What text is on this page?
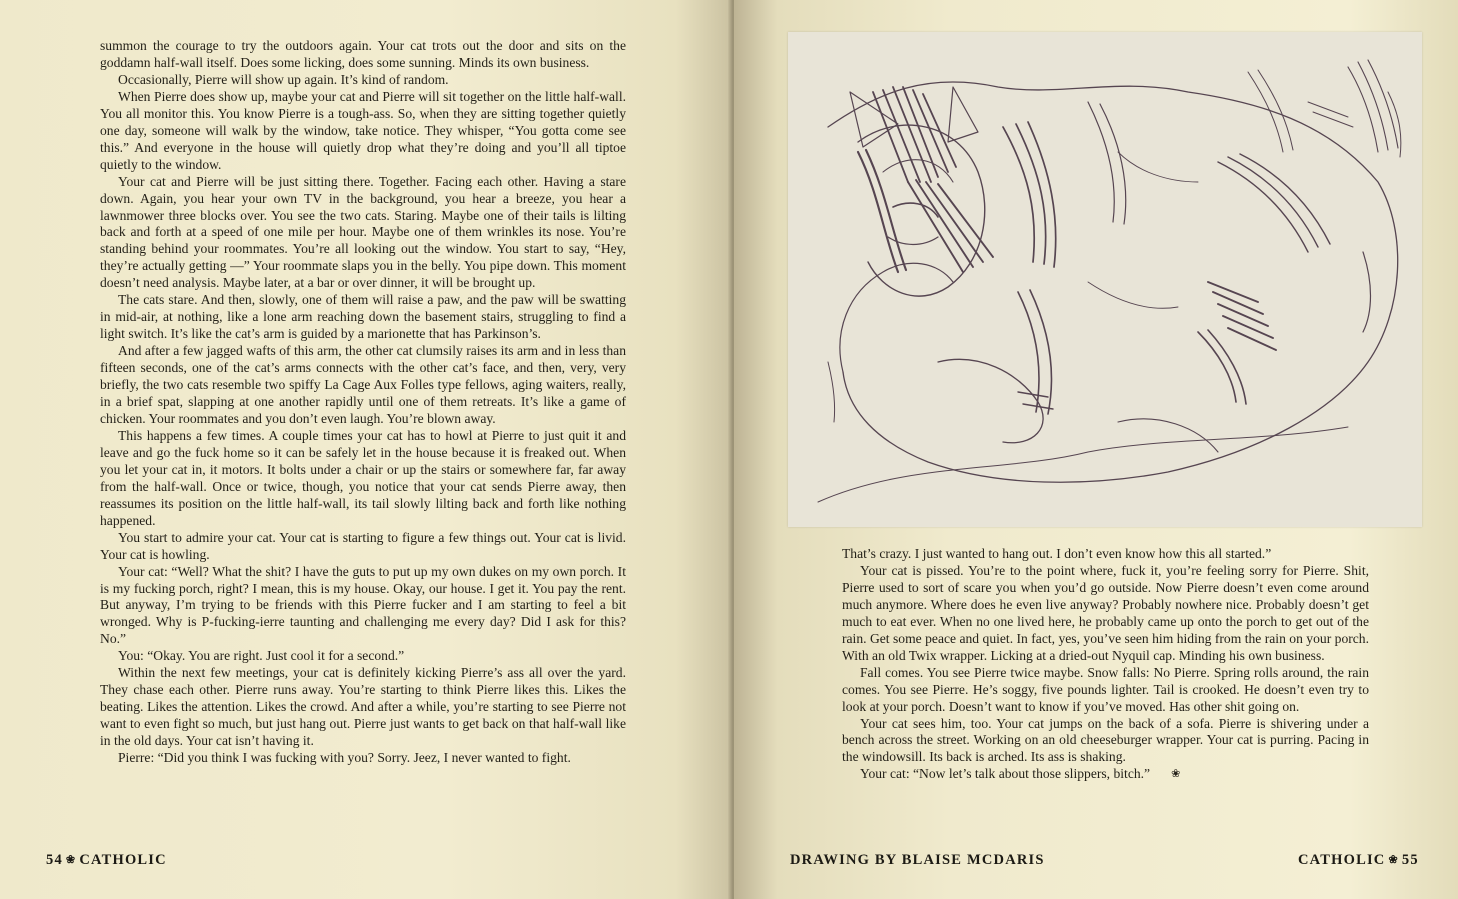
summon the courage to try the outdoors again. Your cat trots out the door and sits on the goddamn half-wall itself. Does some licking, does some sunning. Minds its own business.

Occasionally, Pierre will show up again. It’s kind of random.

When Pierre does show up, maybe your cat and Pierre will sit together on the little half-wall. You all monitor this. You know Pierre is a tough-ass. So, when they are sitting together quietly one day, someone will walk by the window, take notice. They whisper, “You gotta come see this.” And everyone in the house will quietly drop what they’re doing and you’ll all tiptoe quietly to the window.

Your cat and Pierre will be just sitting there. Together. Facing each other. Having a stare down. Again, you hear your own TV in the background, you hear a breeze, you hear a lawnmower three blocks over. You see the two cats. Staring. Maybe one of their tails is lilting back and forth at a speed of one mile per hour. Maybe one of them wrinkles its nose. You’re standing behind your roommates. You’re all looking out the window. You start to say, “Hey, they’re actually getting —” Your roommate slaps you in the belly. You pipe down. This moment doesn’t need analysis. Maybe later, at a bar or over dinner, it will be brought up.

The cats stare. And then, slowly, one of them will raise a paw, and the paw will be swatting in mid-air, at nothing, like a lone arm reaching down the basement stairs, struggling to find a light switch. It’s like the cat’s arm is guided by a marionette that has Parkinson’s.

And after a few jagged wafts of this arm, the other cat clumsily raises its arm and in less than fifteen seconds, one of the cat’s arms connects with the other cat’s face, and then, very, very briefly, the two cats resemble two spiffy La Cage Aux Folles type fellows, aging waiters, really, in a brief spat, slapping at one another rapidly until one of them retreats. It’s like a game of chicken. Your roommates and you don’t even laugh. You’re blown away.

This happens a few times. A couple times your cat has to howl at Pierre to just quit it and leave and go the fuck home so it can be safely let in the house because it is freaked out. When you let your cat in, it motors. It bolts under a chair or up the stairs or somewhere far, far away from the half-wall. Once or twice, though, you notice that your cat sends Pierre away, then reassumes its position on the little half-wall, its tail slowly lilting back and forth like nothing happened.

You start to admire your cat. Your cat is starting to figure a few things out. Your cat is livid. Your cat is howling.

Your cat: “Well? What the shit? I have the guts to put up my own dukes on my own porch. It is my fucking porch, right? I mean, this is my house. Okay, our house. I get it. You pay the rent. But anyway, I’m trying to be friends with this Pierre fucker and I am starting to feel a bit wronged. Why is P-fucking-ierre taunting and challenging me every day? Did I ask for this? No.”

You: “Okay. You are right. Just cool it for a second.”

Within the next few meetings, your cat is definitely kicking Pierre’s ass all over the yard. They chase each other. Pierre runs away. You’re starting to think Pierre likes this. Likes the beating. Likes the attention. Likes the crowd. And after a while, you’re starting to see Pierre not want to even fight so much, but just hang out. Pierre just wants to get back on that half-wall like in the old days. Your cat isn’t having it.

Pierre: “Did you think I was fucking with you? Sorry. Jeez, I never wanted to fight.

54 ❀ CATHOLIC

That’s crazy. I just wanted to hang out. I don’t even know how this all started.”

Your cat is pissed. You’re to the point where, fuck it, you’re feeling sorry for Pierre. Shit, Pierre used to sort of scare you when you’d go outside. Now Pierre doesn’t even come around much anymore. Where does he even live anyway? Probably nowhere nice. Probably doesn’t get much to eat ever. When no one lived here, he probably came up onto the porch to get out of the rain. Get some peace and quiet. In fact, yes, you’ve seen him hiding from the rain on your porch. With an old Twix wrapper. Licking at a dried-out Nyquil cap. Minding his own business.

Fall comes. You see Pierre twice maybe. Snow falls: No Pierre. Spring rolls around, the rain comes. You see Pierre. He’s soggy, five pounds lighter. Tail is crooked. He doesn’t even try to look at your porch. Doesn’t want to know if you’ve moved. Has other shit going on.

Your cat sees him, too. Your cat jumps on the back of a sofa. Pierre is shivering under a bench across the street. Working on an old cheeseburger wrapper. Your cat is purring. Pacing in the windowsill. Its back is arched. Its ass is shaking.

Your cat: “Now let’s talk about those slippers, bitch.” ❀

DRAWING BY BLAISE MCDARIS	CATHOLIC ❀ 55
